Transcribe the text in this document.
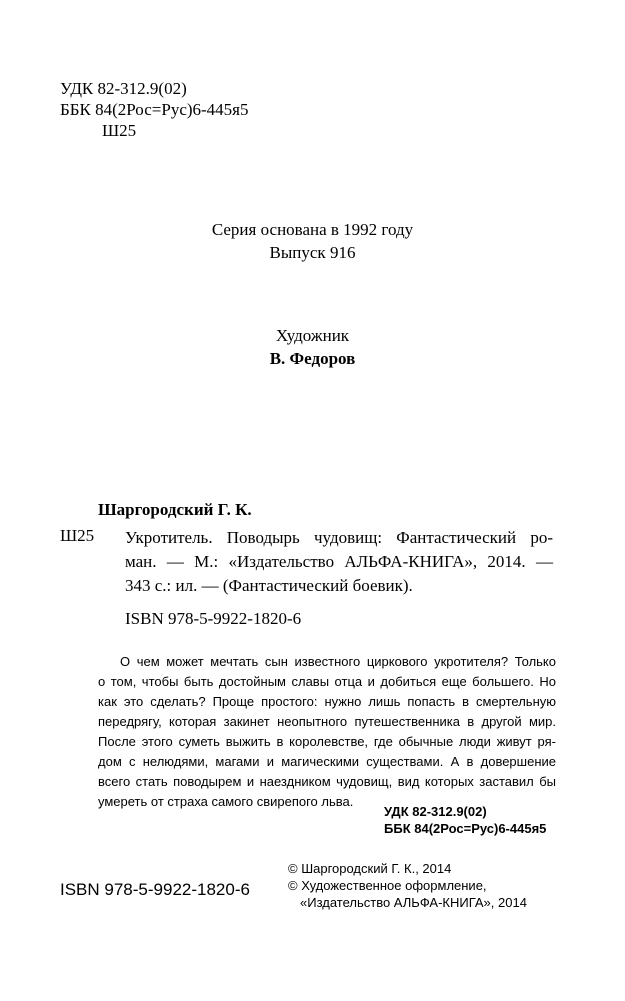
УДК 82-312.9(02)
ББК 84(2Рос=Рус)6-445я5
Ш25
Серия основана в 1992 году
Выпуск 916
Художник
В. Федоров
Шаргородский Г. К.
Ш25 Укротитель. Поводырь чудовищ: Фантастический ро-
ман. — М.: «Издательство АЛЬФА-КНИГА», 2014. —
343 с.: ил. — (Фантастический боевик).
ISBN 978-5-9922-1820-6
О чем может мечтать сын известного циркового укротителя? Только
о том, чтобы быть достойным славы отца и добиться еще большего. Но
как это сделать? Проще простого: нужно лишь попасть в смертельную
передрягу, которая закинет неопытного путешественника в другой мир.
После этого суметь выжить в королевстве, где обычные люди живут ря-
дом с нелюдями, магами и магическими существами. А в довершение
всего стать поводырем и наездником чудовищ, вид которых заставил бы
умереть от страха самого свирепого льва.
УДК 82-312.9(02)
ББК 84(2Рос=Рус)6-445я5
© Шаргородский Г. К., 2014
© Художественное оформление,
«Издательство АЛЬФА-КНИГА», 2014
ISBN 978-5-9922-1820-6
